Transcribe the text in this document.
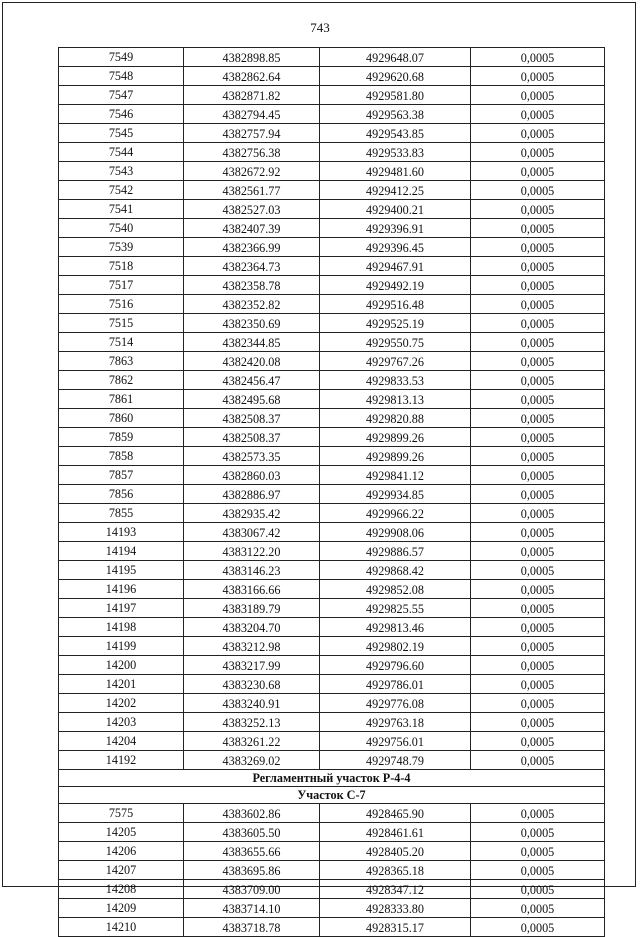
743
7549	4382898.85	4929648.07	0,0005
7548	4382862.64	4929620.68	0,0005
7547	4382871.82	4929581.80	0,0005
7546	4382794.45	4929563.38	0,0005
7545	4382757.94	4929543.85	0,0005
7544	4382756.38	4929533.83	0,0005
7543	4382672.92	4929481.60	0,0005
7542	4382561.77	4929412.25	0,0005
7541	4382527.03	4929400.21	0,0005
7540	4382407.39	4929396.91	0,0005
7539	4382366.99	4929396.45	0,0005
7518	4382364.73	4929467.91	0,0005
7517	4382358.78	4929492.19	0,0005
7516	4382352.82	4929516.48	0,0005
7515	4382350.69	4929525.19	0,0005
7514	4382344.85	4929550.75	0,0005
7863	4382420.08	4929767.26	0,0005
7862	4382456.47	4929833.53	0,0005
7861	4382495.68	4929813.13	0,0005
7860	4382508.37	4929820.88	0,0005
7859	4382508.37	4929899.26	0,0005
7858	4382573.35	4929899.26	0,0005
7857	4382860.03	4929841.12	0,0005
7856	4382886.97	4929934.85	0,0005
7855	4382935.42	4929966.22	0,0005
14193	4383067.42	4929908.06	0,0005
14194	4383122.20	4929886.57	0,0005
14195	4383146.23	4929868.42	0,0005
14196	4383166.66	4929852.08	0,0005
14197	4383189.79	4929825.55	0,0005
14198	4383204.70	4929813.46	0,0005
14199	4383212.98	4929802.19	0,0005
14200	4383217.99	4929796.60	0,0005
14201	4383230.68	4929786.01	0,0005
14202	4383240.91	4929776.08	0,0005
14203	4383252.13	4929763.18	0,0005
14204	4383261.22	4929756.01	0,0005
14192	4383269.02	4929748.79	0,0005
Регламентный участок Р-4-4			
Участок С-7			
7575	4383602.86	4928465.90	0,0005
14205	4383605.50	4928461.61	0,0005
14206	4383655.66	4928405.20	0,0005
14207	4383695.86	4928365.18	0,0005
14208	4383709.00	4928347.12	0,0005
14209	4383714.10	4928333.80	0,0005
14210	4383718.78	4928315.17	0,0005
